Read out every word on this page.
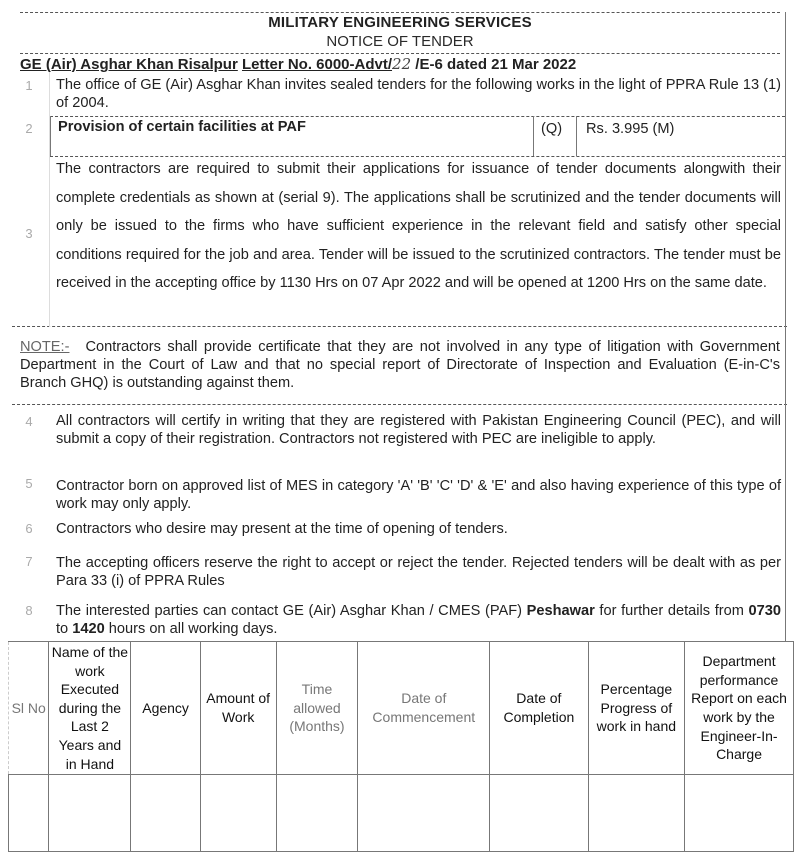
MILITARY ENGINEERING SERVICES
NOTICE OF TENDER
GE (Air) Asghar Khan Risalpur Letter No. 6000-Advt/22 /E-6 dated 21 Mar 2022
1 The office of GE (Air) Asghar Khan invites sealed tenders for the following works in the light of PPRA Rule 13 (1) of 2004.
2 Provision of certain facilities at PAF	(Q) Rs. 3.995 (M)
3
The contractors are required to submit their applications for issuance of tender documents alongwith their complete credentials as shown at (serial 9). The applications shall be scrutinized and the tender documents will only be issued to the firms who have sufficient experience in the relevant field and satisfy other special conditions required for the job and area. Tender will be issued to the scrutinized contractors. The tender must be received in the accepting office by 1130 Hrs on 07 Apr 2022 and will be opened at 1200 Hrs on the same date.
NOTE:- Contractors shall provide certificate that they are not involved in any type of litigation with Government Department in the Court of Law and that no special report of Directorate of Inspection and Evaluation (E-in-C's Branch GHQ) is outstanding against them.
4 All contractors will certify in writing that they are registered with Pakistan Engineering Council (PEC), and will submit a copy of their registration. Contractors not registered with PEC are ineligible to apply.
5 Contractor born on approved list of MES in category 'A' 'B' 'C' 'D' & 'E' and also having experience of this type of work may only apply.
6 Contractors who desire may present at the time of opening of tenders.
7 The accepting officers reserve the right to accept or reject the tender. Rejected tenders will be dealt with as per Para 33 (i) of PPRA Rules
8 The interested parties can contact GE (Air) Asghar Khan / CMES (PAF) Peshawar for further details from 0730 to 1420 hours on all working days.
Sl No	Name of the work Executed during the Last 2 Years and in Hand	Agency	Amount of Work	Time allowed (Months)	Date of Commencement	Date of Completion	Percentage Progress of work in hand	Department performance Report on each work by the Engineer-In-Charge
